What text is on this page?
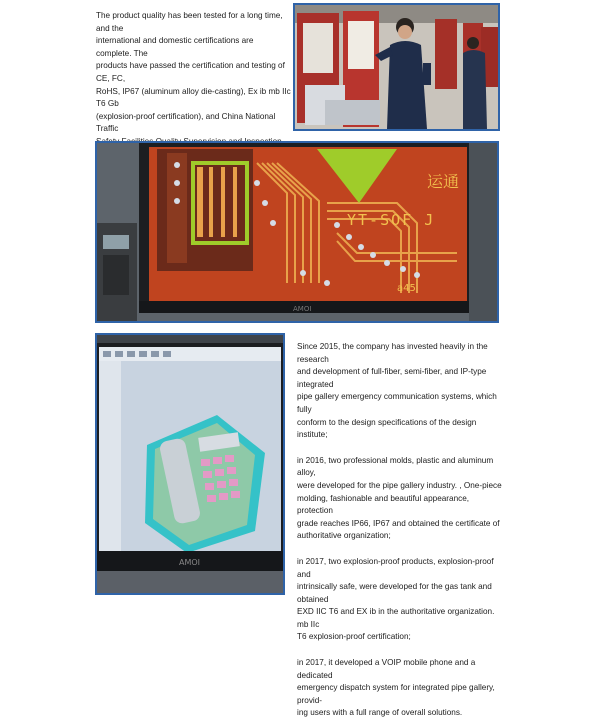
The product quality has been tested for a long time, and the
international and domestic certifications are complete. The
products have passed the certification and testing of CE, FC,
RoHS, IP67 (aluminum alloy die-casting), Ex ib mb IIc T6 Gb
(explosion-proof certification), and China National Traffic
运通
YT-SOF J
a45
AMOI
AMOI
Since 2015, the company has invested heavily in the research
and development of full-fiber, semi-fiber, and IP-type integrated
pipe gallery emergency communication systems, which fully
conform to the design specifications of the design institute;
in 2016, two professional molds, plastic and aluminum alloy,
were developed for the pipe gallery industry. , One-piece
molding, fashionable and beautiful appearance, protection
grade reaches IP66, IP67 and obtained the certificate of
authoritative organization;
in 2017, two explosion-proof products, explosion-proof and
intrinsically safe, were developed for the gas tank and obtained
EXD IIC T6 and EX ib in the authoritative organization. mb IIc
T6 explosion-proof certification;
in 2017, it developed a VOIP mobile phone and a dedicated
emergency dispatch system for integrated pipe gallery, provid-
ing users with a full range of overall solutions.
